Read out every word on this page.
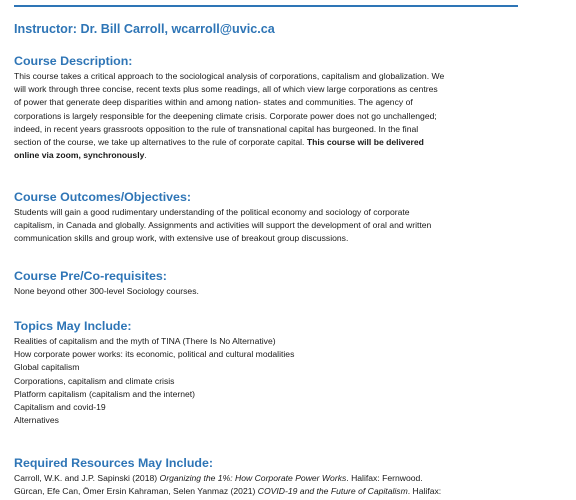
Instructor: Dr. Bill Carroll, wcarroll@uvic.ca
Course Description:
This course takes a critical approach to the sociological analysis of corporations, capitalism and globalization. We
will work through three concise, recent texts plus some readings, all of which view large corporations as centres
of power that generate deep disparities within and among nation- states and communities. The agency of
corporations is largely responsible for the deepening climate crisis. Corporate power does not go unchallenged;
indeed, in recent years grassroots opposition to the rule of transnational capital has burgeoned. In the final
section of the course, we take up alternatives to the rule of corporate capital. This course will be delivered
online via zoom, synchronously.
Course Outcomes/Objectives:
Students will gain a good rudimentary understanding of the political economy and sociology of corporate
capitalism, in Canada and globally. Assignments and activities will support the development of oral and written
communication skills and group work, with extensive use of breakout group discussions.
Course Pre/Co-requisites:
None beyond other 300-level Sociology courses.
Topics May Include:
Realities of capitalism and the myth of TINA (There Is No Alternative)
How corporate power works: its economic, political and cultural modalities
Global capitalism
Corporations, capitalism and climate crisis
Platform capitalism (capitalism and the internet)
Capitalism and covid-19
Alternatives
Required Resources May Include:
Carroll, W.K. and J.P. Sapinski (2018) Organizing the 1%: How Corporate Power Works. Halifax: Fernwood.
Gürcan, Efe Can, Ömer Ersin Kahraman, Selen Yanmaz (2021) COVID-19 and the Future of Capitalism. Halifax:
